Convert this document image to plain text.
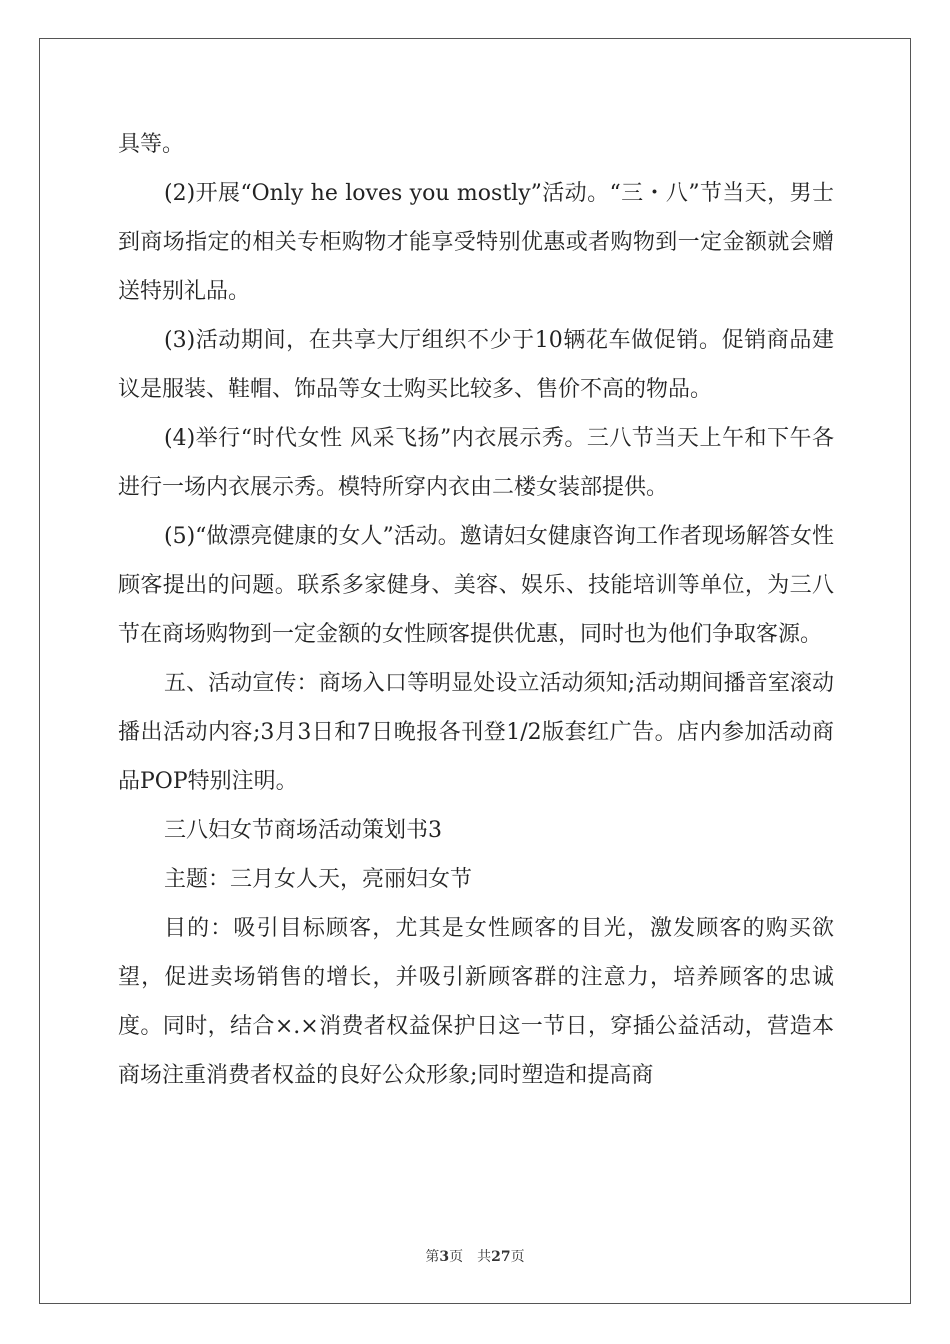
具等。

(2)开展“Only he loves you mostly”活动。“三・八”节当天，男士到商场指定的相关专柜购物才能享受特别优惠或者购物到一定金额就会赠送特别礼品。

(3)活动期间，在共享大厅组织不少于10辆花车做促销。促销商品建议是服装、鞋帽、饰品等女士购买比较多、售价不高的物品。

(4)举行“时代女性 风采飞扬”内衣展示秀。三八节当天上午和下午各进行一场内衣展示秀。模特所穿内衣由二楼女装部提供。

(5)“做漂亮健康的女人”活动。邀请妇女健康咨询工作者现场解答女性顾客提出的问题。联系多家健身、美容、娱乐、技能培训等单位，为三八节在商场购物到一定金额的女性顾客提供优惠，同时也为他们争取客源。

五、活动宣传：商场入口等明显处设立活动须知;活动期间播音室滚动播出活动内容;3月3日和7日晚报各刊登1/2版套红广告。店内参加活动商品POP特别注明。

三八妇女节商场活动策划书3

主题：三月女人天，亮丽妇女节

目的：吸引目标顾客，尤其是女性顾客的目光，激发顾客的购买欲望，促进卖场销售的增长，并吸引新顾客群的注意力，培养顾客的忠诚度。同时，结合×.×消费者权益保护日这一节日，穿插公益活动，营造本商场注重消费者权益的良好公众形象;同时塑造和提高商

第3页 共27页
